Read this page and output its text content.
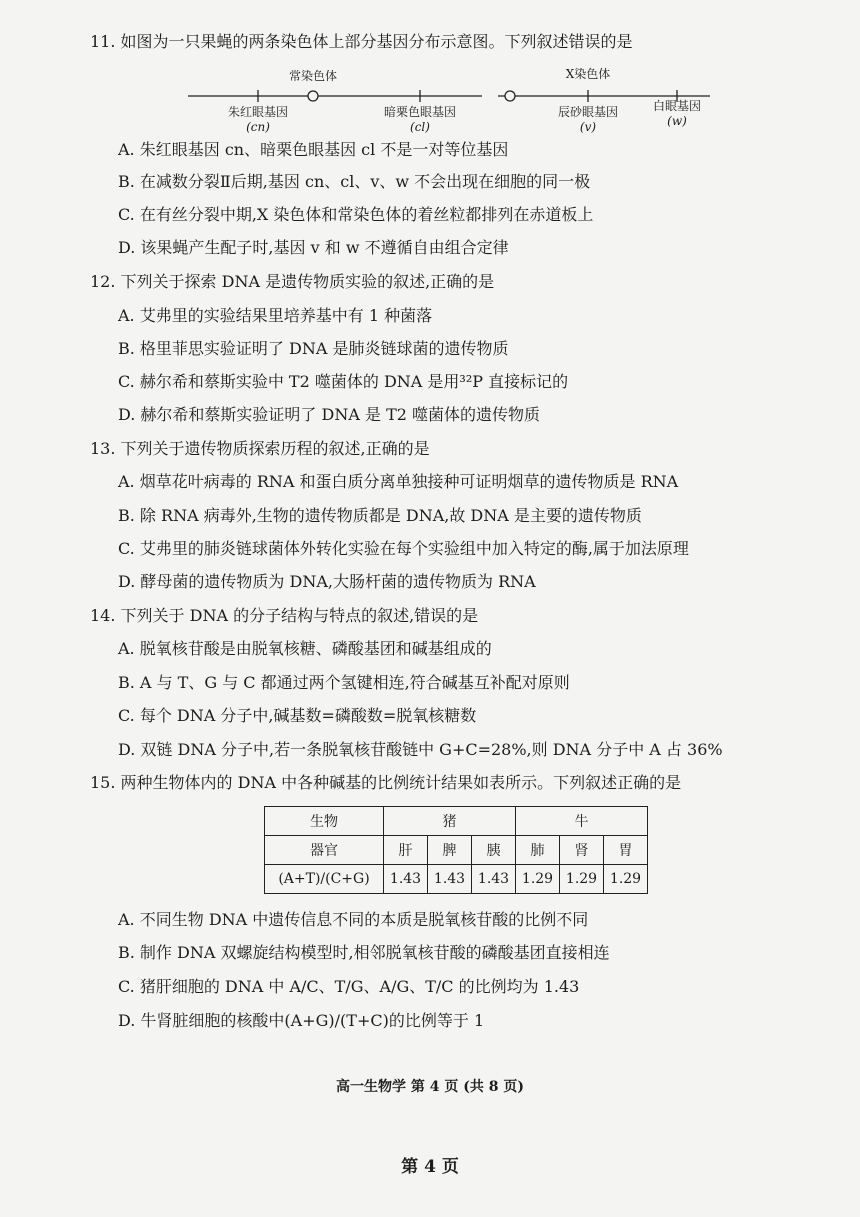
11. 如图为一只果蝇的两条染色体上部分基因分布示意图。下列叙述错误的是
常染色体
朱红眼基因
(cn)
暗栗色眼基因
(cl)
X染色体
辰砂眼基因
(v)
白眼基因
(w)
A. 朱红眼基因 cn、暗栗色眼基因 cl 不是一对等位基因
B. 在减数分裂Ⅱ后期,基因 cn、cl、v、w 不会出现在细胞的同一极
C. 在有丝分裂中期,X 染色体和常染色体的着丝粒都排列在赤道板上
D. 该果蝇产生配子时,基因 v 和 w 不遵循自由组合定律
12. 下列关于探索 DNA 是遗传物质实验的叙述,正确的是
A. 艾弗里的实验结果里培养基中有 1 种菌落
B. 格里菲思实验证明了 DNA 是肺炎链球菌的遗传物质
C. 赫尔希和蔡斯实验中 T2 噬菌体的 DNA 是用³²P 直接标记的
D. 赫尔希和蔡斯实验证明了 DNA 是 T2 噬菌体的遗传物质
13. 下列关于遗传物质探索历程的叙述,正确的是
A. 烟草花叶病毒的 RNA 和蛋白质分离单独接种可证明烟草的遗传物质是 RNA
B. 除 RNA 病毒外,生物的遗传物质都是 DNA,故 DNA 是主要的遗传物质
C. 艾弗里的肺炎链球菌体外转化实验在每个实验组中加入特定的酶,属于加法原理
D. 酵母菌的遗传物质为 DNA,大肠杆菌的遗传物质为 RNA
14. 下列关于 DNA 的分子结构与特点的叙述,错误的是
A. 脱氧核苷酸是由脱氧核糖、磷酸基团和碱基组成的
B. A 与 T、G 与 C 都通过两个氢键相连,符合碱基互补配对原则
C. 每个 DNA 分子中,碱基数=磷酸数=脱氧核糖数
D. 双链 DNA 分子中,若一条脱氧核苷酸链中 G+C=28%,则 DNA 分子中 A 占 36%
15. 两种生物体内的 DNA 中各种碱基的比例统计结果如表所示。下列叙述正确的是
生物	猪			牛		
器官	肝	脾	胰	肺	肾	胃
(A+T)/(C+G)	1.43	1.43	1.43	1.29	1.29	1.29
A. 不同生物 DNA 中遗传信息不同的本质是脱氧核苷酸的比例不同
B. 制作 DNA 双螺旋结构模型时,相邻脱氧核苷酸的磷酸基团直接相连
C. 猪肝细胞的 DNA 中 A/C、T/G、A/G、T/C 的比例均为 1.43
D. 牛肾脏细胞的核酸中(A+G)/(T+C)的比例等于 1
高一生物学 第 4 页 (共 8 页)
第 4 页
